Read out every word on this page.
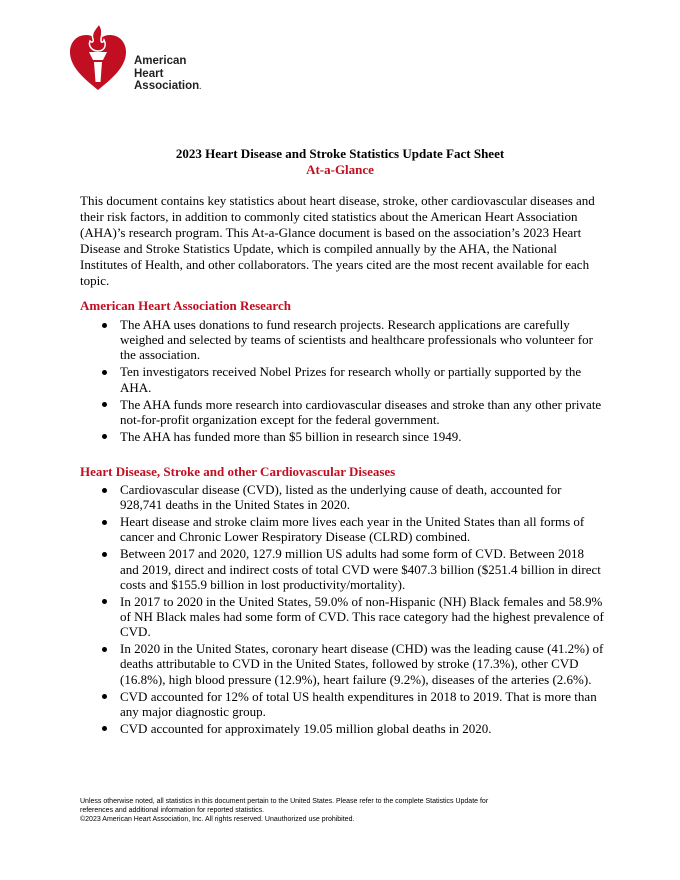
American
Heart
Association.
2023 Heart Disease and Stroke Statistics Update Fact Sheet
At-a-Glance
This document contains key statistics about heart disease, stroke, other cardiovascular diseases and their risk factors, in addition to commonly cited statistics about the American Heart Association (AHA)’s research program. This At-a-Glance document is based on the association’s 2023 Heart Disease and Stroke Statistics Update, which is compiled annually by the AHA, the National Institutes of Health, and other collaborators. The years cited are the most recent available for each topic.
American Heart Association Research
The AHA uses donations to fund research projects. Research applications are carefully weighed and selected by teams of scientists and healthcare professionals who volunteer for the association.
Ten investigators received Nobel Prizes for research wholly or partially supported by the AHA.
The AHA funds more research into cardiovascular diseases and stroke than any other private not-for-profit organization except for the federal government.
The AHA has funded more than $5 billion in research since 1949.
Heart Disease, Stroke and other Cardiovascular Diseases
Cardiovascular disease (CVD), listed as the underlying cause of death, accounted for 928,741 deaths in the United States in 2020.
Heart disease and stroke claim more lives each year in the United States than all forms of cancer and Chronic Lower Respiratory Disease (CLRD) combined.
Between 2017 and 2020, 127.9 million US adults had some form of CVD. Between 2018 and 2019, direct and indirect costs of total CVD were $407.3 billion ($251.4 billion in direct costs and $155.9 billion in lost productivity/mortality).
In 2017 to 2020 in the United States, 59.0% of non-Hispanic (NH) Black females and 58.9% of NH Black males had some form of CVD. This race category had the highest prevalence of CVD.
In 2020 in the United States, coronary heart disease (CHD) was the leading cause (41.2%) of deaths attributable to CVD in the United States, followed by stroke (17.3%), other CVD (16.8%), high blood pressure (12.9%), heart failure (9.2%), diseases of the arteries (2.6%).
CVD accounted for 12% of total US health expenditures in 2018 to 2019. That is more than any major diagnostic group.
CVD accounted for approximately 19.05 million global deaths in 2020.
Unless otherwise noted, all statistics in this document pertain to the United States. Please refer to the complete Statistics Update for
references and additional information for reported statistics.
©2023 American Heart Association, Inc. All rights reserved. Unauthorized use prohibited.
